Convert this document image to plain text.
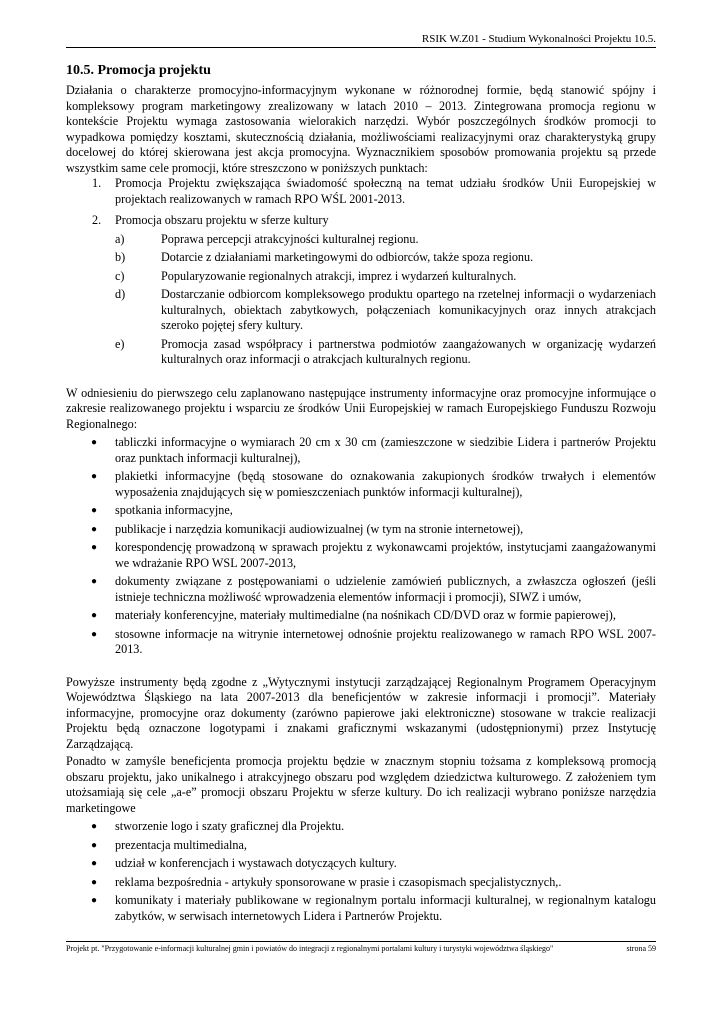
RSIK W.Z01 - Studium Wykonalności Projektu 10.5.
10.5. Promocja projektu

Działania o charakterze promocyjno-informacyjnym wykonane w różnorodnej formie, będą stanowić spójny i kompleksowy program marketingowy zrealizowany w latach 2010 – 2013. Zintegrowana promocja regionu w kontekście Projektu wymaga zastosowania wielorakich narzędzi. Wybór poszczególnych środków promocji to wypadkowa pomiędzy kosztami, skutecznością działania, możliwościami realizacyjnymi oraz charakterystyką grupy docelowej do której skierowana jest akcja promocyjna. Wyznacznikiem sposobów promowania projektu są przede wszystkim same cele promocji, które streszczono w poniższych punktach:

1. Promocja Projektu zwiększająca świadomość społeczną na temat udziału środków Unii Europejskiej w projektach realizowanych w ramach RPO WŚL 2001-2013.
2. Promocja obszaru projektu w sferze kultury
a)	Poprawa percepcji atrakcyjności kulturalnej regionu.
b)	Dotarcie z działaniami marketingowymi do odbiorców, także spoza regionu.
c)	Popularyzowanie regionalnych atrakcji, imprez i wydarzeń kulturalnych.
d)	Dostarczanie odbiorcom kompleksowego produktu opartego na rzetelnej informacji o wydarzeniach kulturalnych, obiektach zabytkowych, połączeniach komunikacyjnych oraz innych atrakcjach szeroko pojętej sfery kultury.
e)	Promocja zasad współpracy i partnerstwa podmiotów zaangażowanych w organizację wydarzeń kulturalnych oraz informacji o atrakcjach kulturalnych regionu.

W odniesieniu do pierwszego celu zaplanowano następujące instrumenty informacyjne oraz promocyjne informujące o zakresie realizowanego projektu i wsparciu ze środków Unii Europejskiej w ramach Europejskiego Funduszu Rozwoju Regionalnego:

● tabliczki informacyjne o wymiarach 20 cm x 30 cm (zamieszczone w siedzibie Lidera i partnerów Projektu oraz punktach informacji kulturalnej),
● plakietki informacyjne (będą stosowane do oznakowania zakupionych środków trwałych i elementów wyposażenia znajdujących się w pomieszczeniach punktów informacji kulturalnej),
● spotkania informacyjne,
● publikacje i narzędzia komunikacji audiowizualnej (w tym na stronie internetowej),
● korespondencję prowadzoną w sprawach projektu z wykonawcami projektów, instytucjami zaangażowanymi we wdrażanie RPO WSL 2007-2013,
● dokumenty związane z postępowaniami o udzielenie zamówień publicznych, a zwłaszcza ogłoszeń (jeśli istnieje techniczna możliwość wprowadzenia elementów informacji i promocji), SIWZ i umów,
● materiały konferencyjne, materiały multimedialne (na nośnikach CD/DVD oraz w formie papierowej),
● stosowne informacje na witrynie internetowej odnośnie projektu realizowanego w ramach RPO WSL 2007-2013.

Powyższe instrumenty będą zgodne z „Wytycznymi instytucji zarządzającej Regionalnym Programem Operacyjnym Województwa Śląskiego na lata 2007-2013 dla beneficjentów w zakresie informacji i promocji”. Materiały informacyjne, promocyjne oraz dokumenty (zarówno papierowe jaki elektroniczne) stosowane w trakcie realizacji Projektu będą oznaczone logotypami i znakami graficznymi wskazanymi (udostępnionymi) przez Instytucję Zarządzającą.

Ponadto w zamyśle beneficjenta promocja projektu będzie w znacznym stopniu tożsama z kompleksową promocją obszaru projektu, jako unikalnego i atrakcyjnego obszaru pod względem dziedzictwa kulturowego. Z założeniem tym utożsamiają się cele „a-e” promocji obszaru Projektu w sferze kultury. Do ich realizacji wybrano poniższe narzędzia marketingowe

● stworzenie logo i szaty graficznej dla Projektu.
● prezentacja multimedialna,
● udział w konferencjach i wystawach dotyczących kultury.
● reklama bezpośrednia - artykuły sponsorowane w prasie i czasopismach specjalistycznych,.
● komunikaty i materiały publikowane w regionalnym portalu informacji kulturalnej, w regionalnym katalogu zabytków, w serwisach internetowych Lidera i Partnerów Projektu.
Projekt pt. "Przygotowanie e-informacji kulturalnej gmin i powiatów do integracji z regionalnymi portalami kultury i turystyki województwa śląskiego"	strona 59
